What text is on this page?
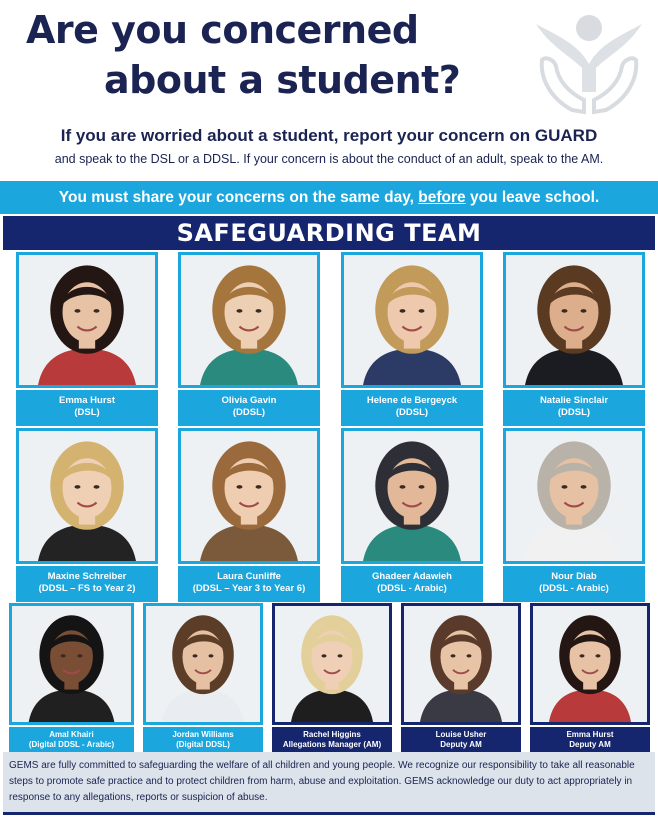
Are you concerned
about a student?
If you are worried about a student, report your concern on GUARD
and speak to the DSL or a DDSL. If your concern is about the conduct of an adult, speak to the AM.
You must share your concerns on the same day, before you leave school.
SAFEGUARDING TEAM
Emma Hurst
(DSL)
Olivia Gavin
(DDSL)
Helene de Bergeyck
(DDSL)
Natalie Sinclair
(DDSL)
Maxine Schreiber
(DDSL – FS to Year 2)
Laura Cunliffe
(DDSL – Year 3 to Year 6)
Ghadeer Adawieh
(DDSL - Arabic)
Nour Diab
(DDSL - Arabic)
Amal Khairi
(Digital DDSL - Arabic)
Jordan Williams
(Digital DDSL)
Rachel Higgins
Allegations Manager (AM)
Louise Usher
Deputy AM
Emma Hurst
Deputy AM
GEMS are fully committed to safeguarding the welfare of all children and young people. We recognize our responsibility to take all reasonable steps to promote safe practice and to protect children from harm, abuse and exploitation. GEMS acknowledge our duty to act appropriately in response to any allegations, reports or suspicion of abuse.
